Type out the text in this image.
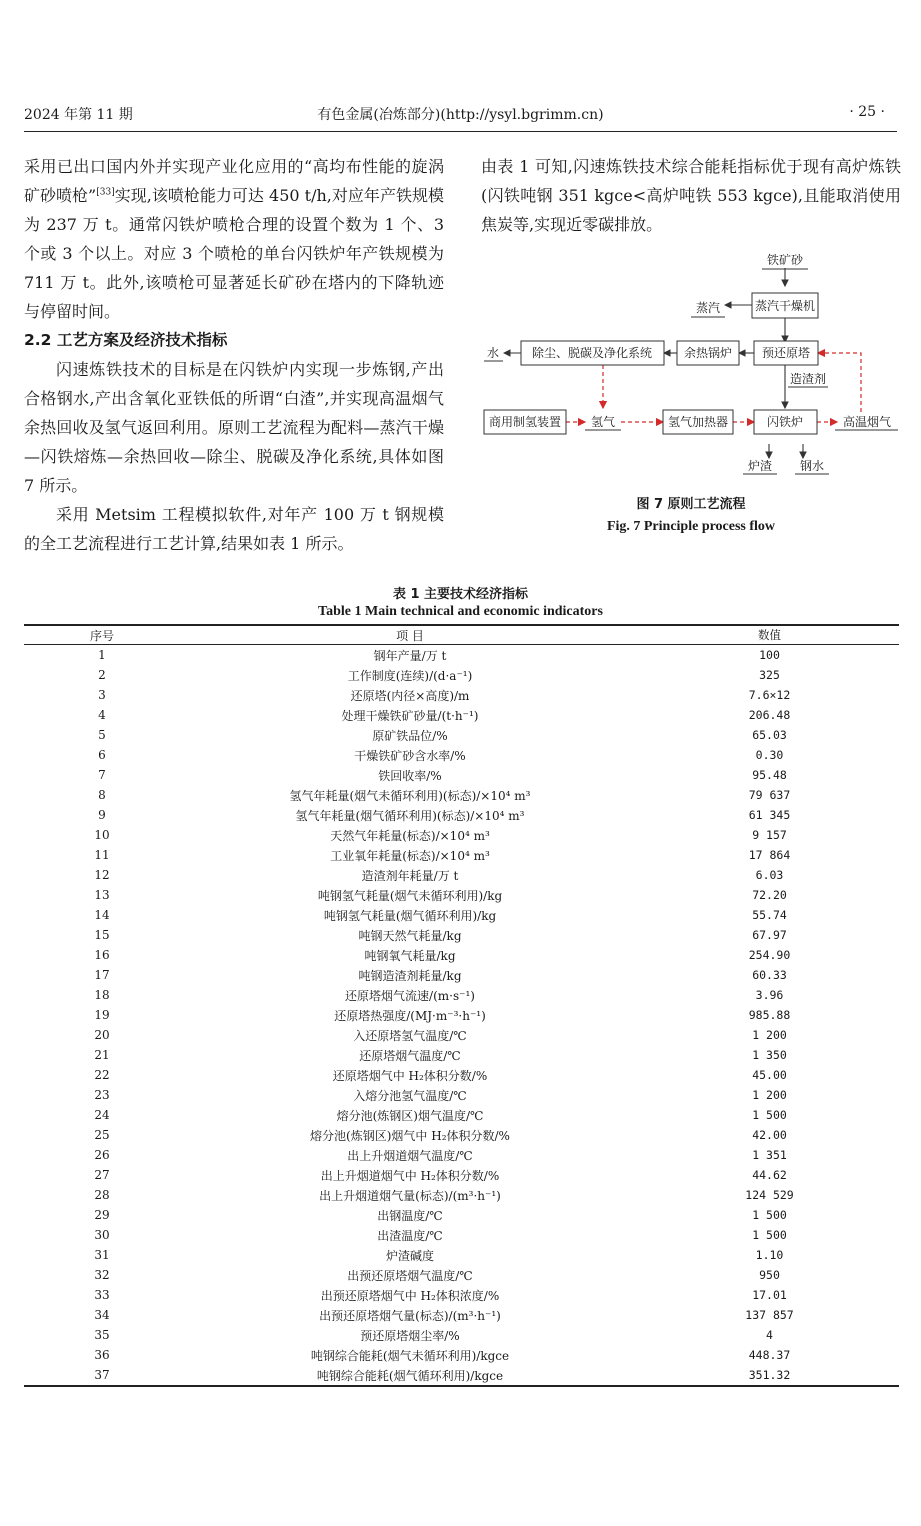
2024 年第 11 期	有色金属(冶炼部分)(http://ysyl.bgrimm.cn)	· 25 ·

采用已出口国内外并实现产业化应用的“高均布性能的旋涡矿砂喷枪”[33]实现,该喷枪能力可达 450 t/h,对应年产铁规模为 237 万 t。通常闪铁炉喷枪合理的设置个数为 1 个、3 个或 3 个以上。对应 3 个喷枪的单台闪铁炉年产铁规模为 711 万 t。此外,该喷枪可显著延长矿砂在塔内的下降轨迹与停留时间。

2.2 工艺方案及经济技术指标

闪速炼铁技术的目标是在闪铁炉内实现一步炼钢,产出合格钢水,产出含氧化亚铁低的所谓“白渣”,并实现高温烟气余热回收及氢气返回利用。原则工艺流程为配料—蒸汽干燥—闪铁熔炼—余热回收—除尘、脱碳及净化系统,具体如图 7 所示。

采用 Metsim 工程模拟软件,对年产 100 万 t 钢规模的全工艺流程进行工艺计算,结果如表 1 所示。

由表 1 可知,闪速炼铁技术综合能耗指标优于现有高炉炼铁(闪铁吨钢 351 kgce<高炉吨铁 553 kgce),且能取消使用焦炭等,实现近零碳排放。

铁矿砂
蒸汽	蒸汽干燥机
水	除尘、脱碳及净化系统	余热锅炉 预还原塔
造渣剂
商用制氢装置 氢气	氢气加热器	闪铁炉	高温烟气
炉渣 钢水
图 7 原则工艺流程
Fig. 7 Principle process flow
表 1 主要技术经济指标
Table 1 Main technical and economic indicators
序号	项 目	数值
1	钢年产量/万 t	100
2	工作制度(连续)/(d·a⁻¹)	325
3	还原塔(内径×高度)/m	7.6×12
4	处理干燥铁矿砂量/(t·h⁻¹)	206.48
5	原矿铁品位/%	65.03
6	干燥铁矿砂含水率/%	0.30
7	铁回收率/%	95.48
8	氢气年耗量(烟气未循环利用)(标态)/×10⁴ m³	79 637
9	氢气年耗量(烟气循环利用)(标态)/×10⁴ m³	61 345
10	天然气年耗量(标态)/×10⁴ m³	9 157
11	工业氧年耗量(标态)/×10⁴ m³	17 864
12	造渣剂年耗量/万 t	6.03
13	吨钢氢气耗量(烟气未循环利用)/kg	72.20
14	吨钢氢气耗量(烟气循环利用)/kg	55.74
15	吨钢天然气耗量/kg	67.97
16	吨钢氧气耗量/kg	254.90
17	吨钢造渣剂耗量/kg	60.33
18	还原塔烟气流速/(m·s⁻¹)	3.96
19	还原塔热强度/(MJ·m⁻³·h⁻¹)	985.88
20	入还原塔氢气温度/℃	1 200
21	还原塔烟气温度/℃	1 350
22	还原塔烟气中 H₂体积分数/%	45.00
23	入熔分池氢气温度/℃	1 200
24	熔分池(炼钢区)烟气温度/℃	1 500
25	熔分池(炼钢区)烟气中 H₂体积分数/%	42.00
26	出上升烟道烟气温度/℃	1 351
27	出上升烟道烟气中 H₂体积分数/%	44.62
28	出上升烟道烟气量(标态)/(m³·h⁻¹)	124 529
29	出钢温度/℃	1 500
30	出渣温度/℃	1 500
31	炉渣碱度	1.10
32	出预还原塔烟气温度/℃	950
33	出预还原塔烟气中 H₂体积浓度/%	17.01
34	出预还原塔烟气量(标态)/(m³·h⁻¹)	137 857
35	预还原塔烟尘率/%	4
36	吨钢综合能耗(烟气未循环利用)/kgce	448.37
37	吨钢综合能耗(烟气循环利用)/kgce	351.32
